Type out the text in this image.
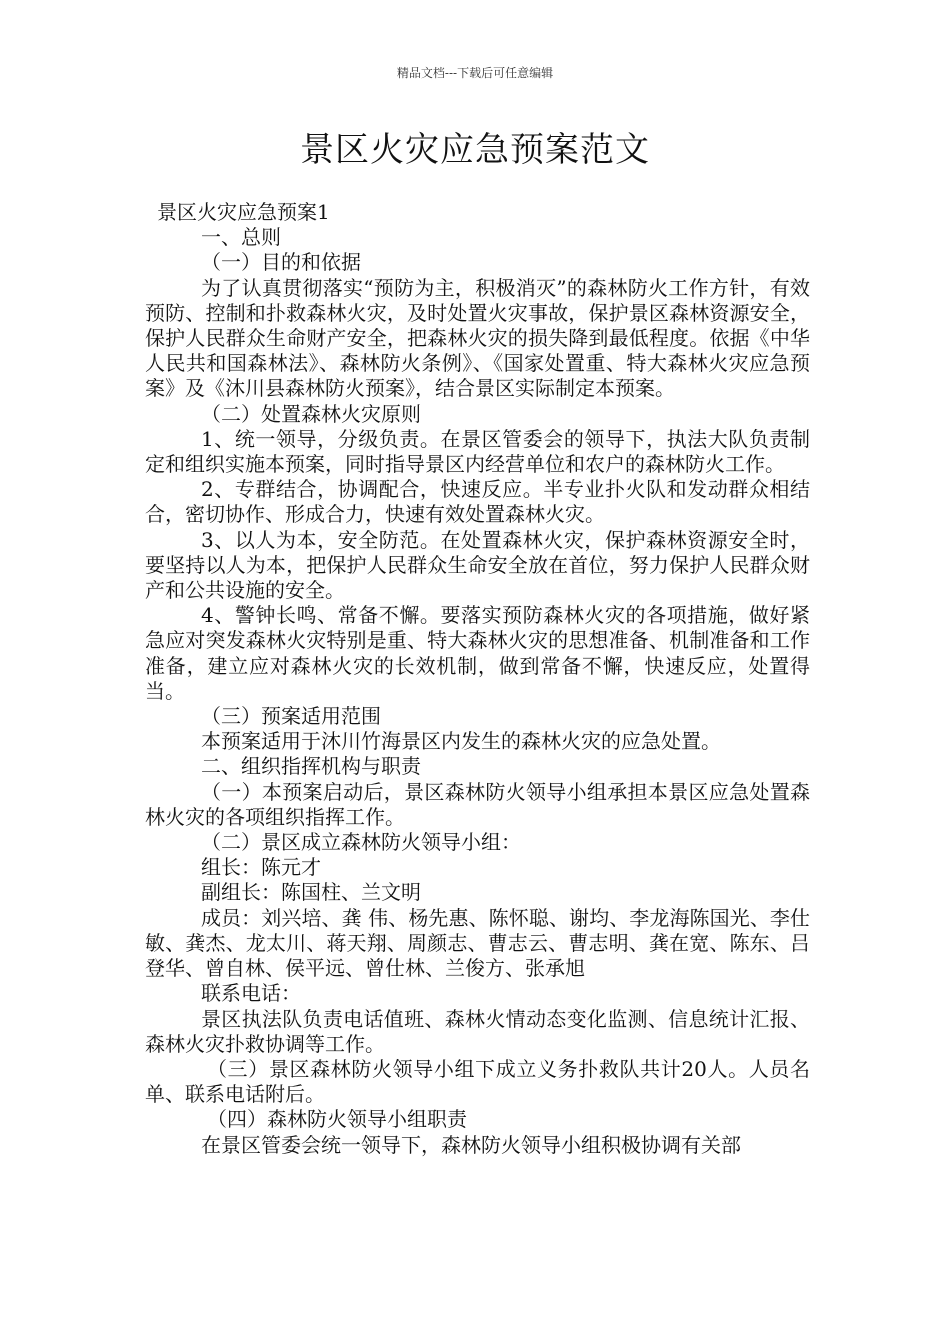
精品文档---下载后可任意编辑
景区火灾应急预案范文

景区火灾应急预案1

一、总则

（一）目的和依据

为了认真贯彻落实“预防为主，积极消灭”的森林防火工作方针，有效预防、控制和扑救森林火灾，及时处置火灾事故，保护景区森林资源安全，保护人民群众生命财产安全，把森林火灾的损失降到最低程度。依据《中华人民共和国森林法》、森林防火条例》、《国家处置重、特大森林火灾应急预案》及《沐川县森林防火预案》，结合景区实际制定本预案。

（二）处置森林火灾原则

1、统一领导，分级负责。在景区管委会的领导下，执法大队负责制定和组织实施本预案，同时指导景区内经营单位和农户的森林防火工作。

2、专群结合，协调配合，快速反应。半专业扑火队和发动群众相结合，密切协作、形成合力，快速有效处置森林火灾。

3、以人为本，安全防范。在处置森林火灾，保护森林资源安全时，要坚持以人为本，把保护人民群众生命安全放在首位，努力保护人民群众财产和公共设施的安全。

4、警钟长鸣、常备不懈。要落实预防森林火灾的各项措施，做好紧急应对突发森林火灾特别是重、特大森林火灾的思想准备、机制准备和工作准备，建立应对森林火灾的长效机制，做到常备不懈，快速反应，处置得当。

（三）预案适用范围

本预案适用于沐川竹海景区内发生的森林火灾的应急处置。

二、组织指挥机构与职责

（一）本预案启动后，景区森林防火领导小组承担本景区应急处置森林火灾的各项组织指挥工作。

（二）景区成立森林防火领导小组：

组长：陈元才

副组长：陈国柱、兰文明

成员：刘兴培、龚 伟、杨先惠、陈怀聪、谢均、李龙海陈国光、李仕敏、龚杰、龙太川、蒋天翔、周颜志、曹志云、曹志明、龚在宽、陈东、吕登华、曾自林、侯平远、曾仕林、兰俊方、张承旭

联系电话：

景区执法队负责电话值班、森林火情动态变化监测、信息统计汇报、森林火灾扑救协调等工作。

（三）景区森林防火领导小组下成立义务扑救队共计20人。人员名单、联系电话附后。

（四）森林防火领导小组职责

在景区管委会统一领导下，森林防火领导小组积极协调有关部
